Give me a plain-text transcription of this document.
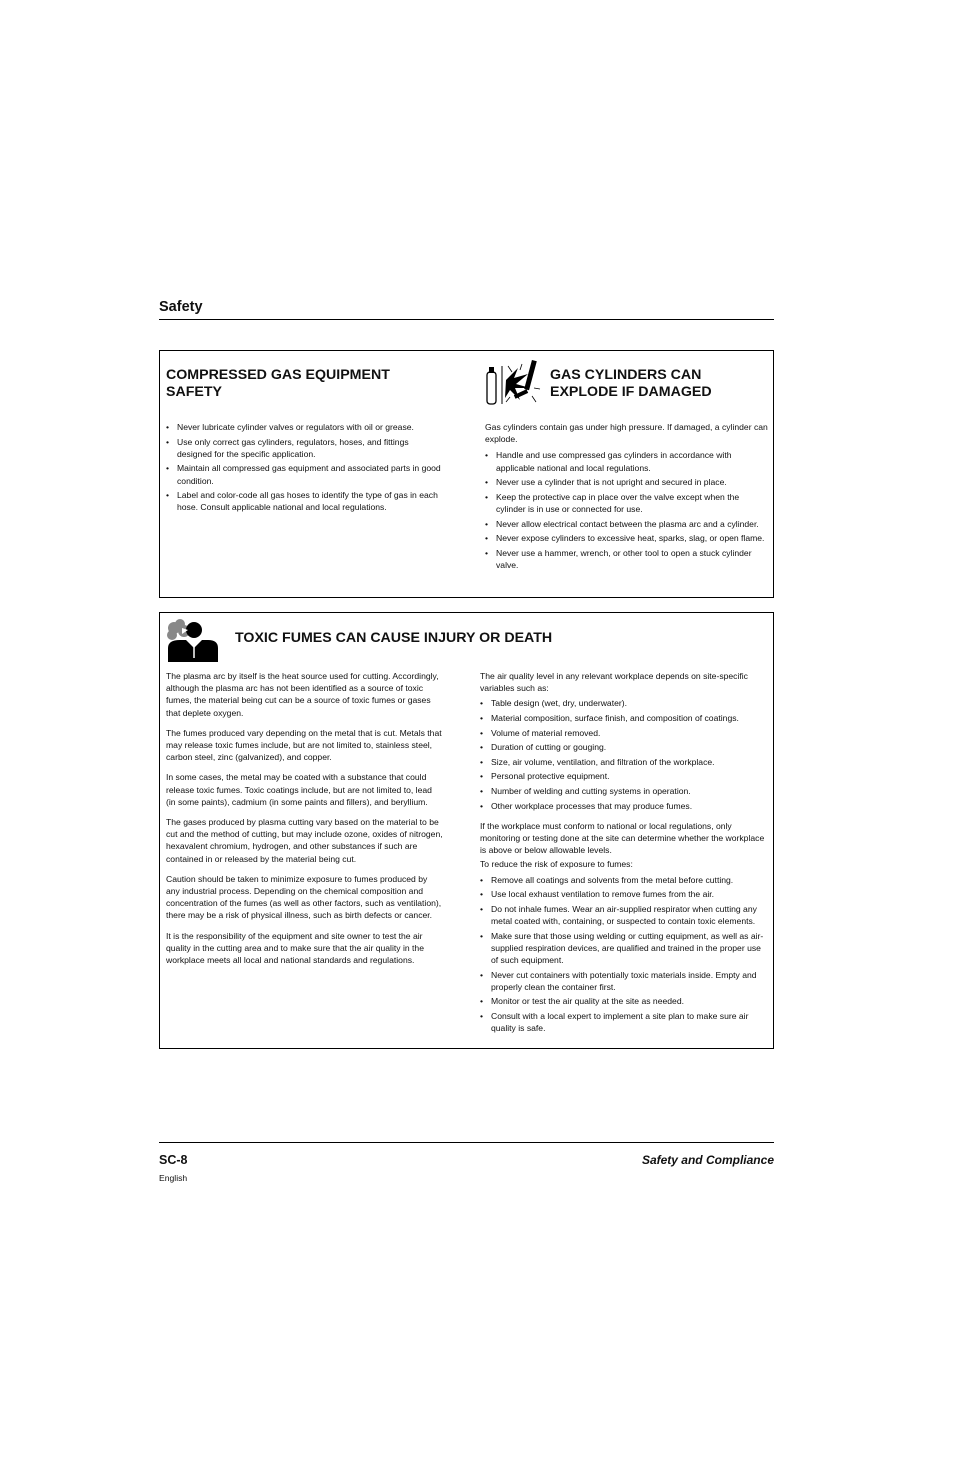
Safety
COMPRESSED GAS EQUIPMENT
SAFETY
• Never lubricate cylinder valves or regulators with oil or grease.
• Use only correct gas cylinders, regulators, hoses, and fittings designed for the specific application.
• Maintain all compressed gas equipment and associated parts in good condition.
• Label and color-code all gas hoses to identify the type of gas in each hose. Consult applicable national and local regulations.
GAS CYLINDERS CAN
EXPLODE IF DAMAGED

Gas cylinders contain gas under high pressure. If damaged, a cylinder can explode.

• Handle and use compressed gas cylinders in accordance with applicable national and local regulations.
• Never use a cylinder that is not upright and secured in place.
• Keep the protective cap in place over the valve except when the cylinder is in use or connected for use.
• Never allow electrical contact between the plasma arc and a cylinder.
• Never expose cylinders to excessive heat, sparks, slag, or open flame.
• Never use a hammer, wrench, or other tool to open a stuck cylinder valve.
TOXIC FUMES CAN CAUSE INJURY OR DEATH

The plasma arc by itself is the heat source used for cutting. Accordingly, although the plasma arc has not been identified as a source of toxic fumes, the material being cut can be a source of toxic fumes or gases that deplete oxygen.

The fumes produced vary depending on the metal that is cut. Metals that may release toxic fumes include, but are not limited to, stainless steel, carbon steel, zinc (galvanized), and copper.

In some cases, the metal may be coated with a substance that could release toxic fumes. Toxic coatings include, but are not limited to, lead (in some paints), cadmium (in some paints and fillers), and beryllium.

The gases produced by plasma cutting vary based on the material to be cut and the method of cutting, but may include ozone, oxides of nitrogen, hexavalent chromium, hydrogen, and other substances if such are contained in or released by the material being cut.

Caution should be taken to minimize exposure to fumes produced by any industrial process. Depending on the chemical composition and concentration of the fumes (as well as other factors, such as ventilation), there may be a risk of physical illness, such as birth defects or cancer.

It is the responsibility of the equipment and site owner to test the air quality in the cutting area and to make sure that the air quality in the workplace meets all local and national standards and regulations.

The air quality level in any relevant workplace depends on site-specific variables such as:

• Table design (wet, dry, underwater).
• Material composition, surface finish, and composition of coatings.
• Volume of material removed.
• Duration of cutting or gouging.
• Size, air volume, ventilation, and filtration of the workplace.
• Personal protective equipment.
• Number of welding and cutting systems in operation.
• Other workplace processes that may produce fumes.

If the workplace must conform to national or local regulations, only monitoring or testing done at the site can determine whether the workplace is above or below allowable levels.

To reduce the risk of exposure to fumes:

• Remove all coatings and solvents from the metal before cutting.
• Use local exhaust ventilation to remove fumes from the air.
• Do not inhale fumes. Wear an air-supplied respirator when cutting any metal coated with, containing, or suspected to contain toxic elements.
• Make sure that those using welding or cutting equipment, as well as air-supplied respiration devices, are qualified and trained in the proper use of such equipment.
• Never cut containers with potentially toxic materials inside. Empty and properly clean the container first.
• Monitor or test the air quality at the site as needed.
• Consult with a local expert to implement a site plan to make sure air quality is safe.
SC-8
English
Safety and Compliance
